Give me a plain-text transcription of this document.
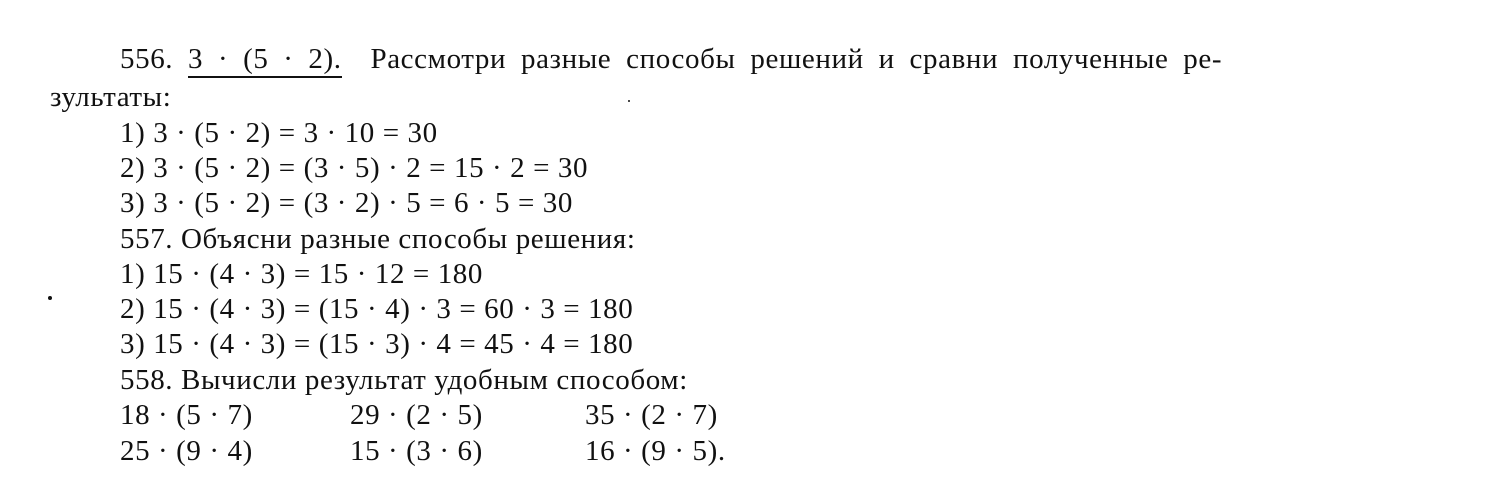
556. 3 · (5 · 2). Рассмотри разные способы решений и сравни полученные ре-
зультаты:
1) 3 · (5 · 2) = 3 · 10 = 30
2) 3 · (5 · 2) = (3 · 5) · 2 = 15 · 2 = 30
3) 3 · (5 · 2) = (3 · 2) · 5 = 6 · 5 = 30
557. Объясни разные способы решения:
1) 15 · (4 · 3) = 15 · 12 = 180
2) 15 · (4 · 3) = (15 · 4) · 3 = 60 · 3 = 180
3) 15 · (4 · 3) = (15 · 3) · 4 = 45 · 4 = 180
558. Вычисли результат удобным способом:
18 · (5 · 7)	29 · (2 · 5)	35 · (2 · 7)
25 · (9 · 4)	15 · (3 · 6)	16 · (9 · 5).
